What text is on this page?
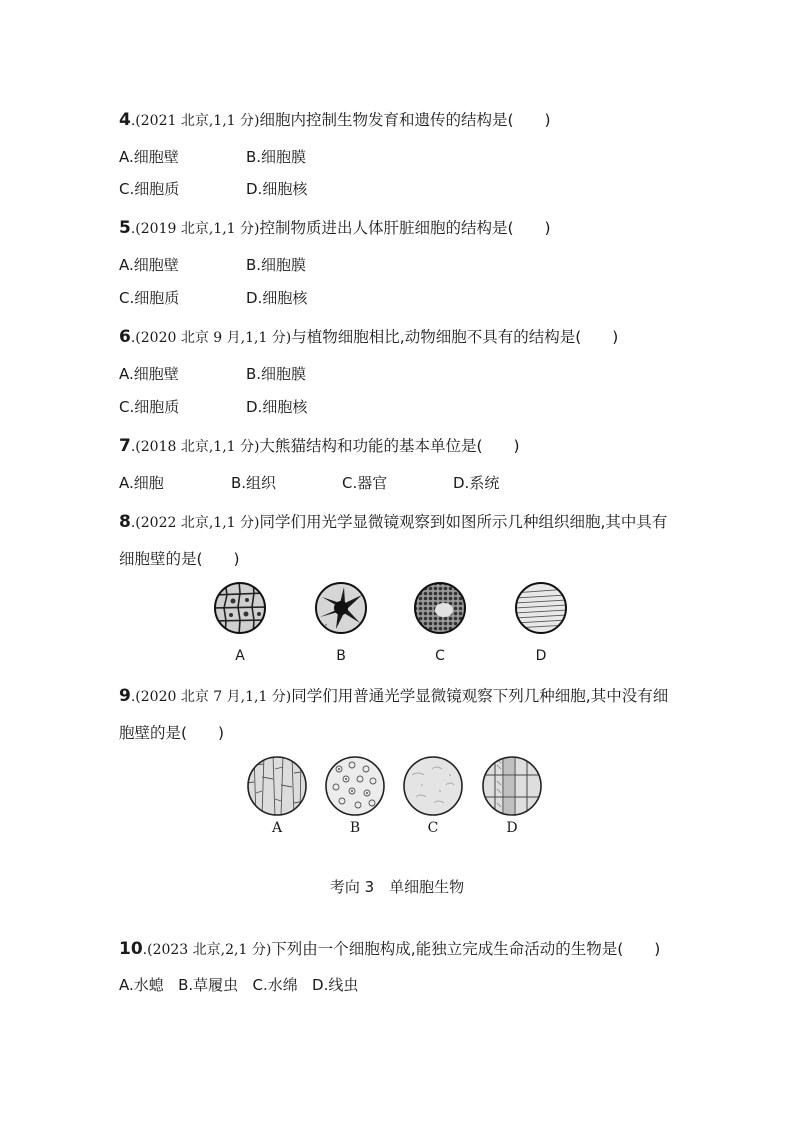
4.(2021 北京,1,1 分)细胞内控制生物发育和遗传的结构是(　　)
A.细胞壁	B.细胞膜
C.细胞质	D.细胞核
5.(2019 北京,1,1 分)控制物质进出人体肝脏细胞的结构是(　　)
A.细胞壁	B.细胞膜
C.细胞质	D.细胞核
6.(2020 北京 9 月,1,1 分)与植物细胞相比,动物细胞不具有的结构是(　　)
A.细胞壁	B.细胞膜
C.细胞质	D.细胞核
7.(2018 北京,1,1 分)大熊猫结构和功能的基本单位是(　　)
A.细胞	B.组织	C.器官	D.系统
8.(2022 北京,1,1 分)同学们用光学显微镜观察到如图所示几种组织细胞,其中具有
细胞壁的是(　　)
A	B	C	D
9.(2020 北京 7 月,1,1 分)同学们用普通光学显微镜观察下列几种细胞,其中没有细
胞壁的是(　　)
A	B	C	D
考向 3　单细胞生物
10.(2023 北京,2,1 分)下列由一个细胞构成,能独立完成生命活动的生物是(　　)
A.水螅 B.草履虫 C.水绵 D.线虫
